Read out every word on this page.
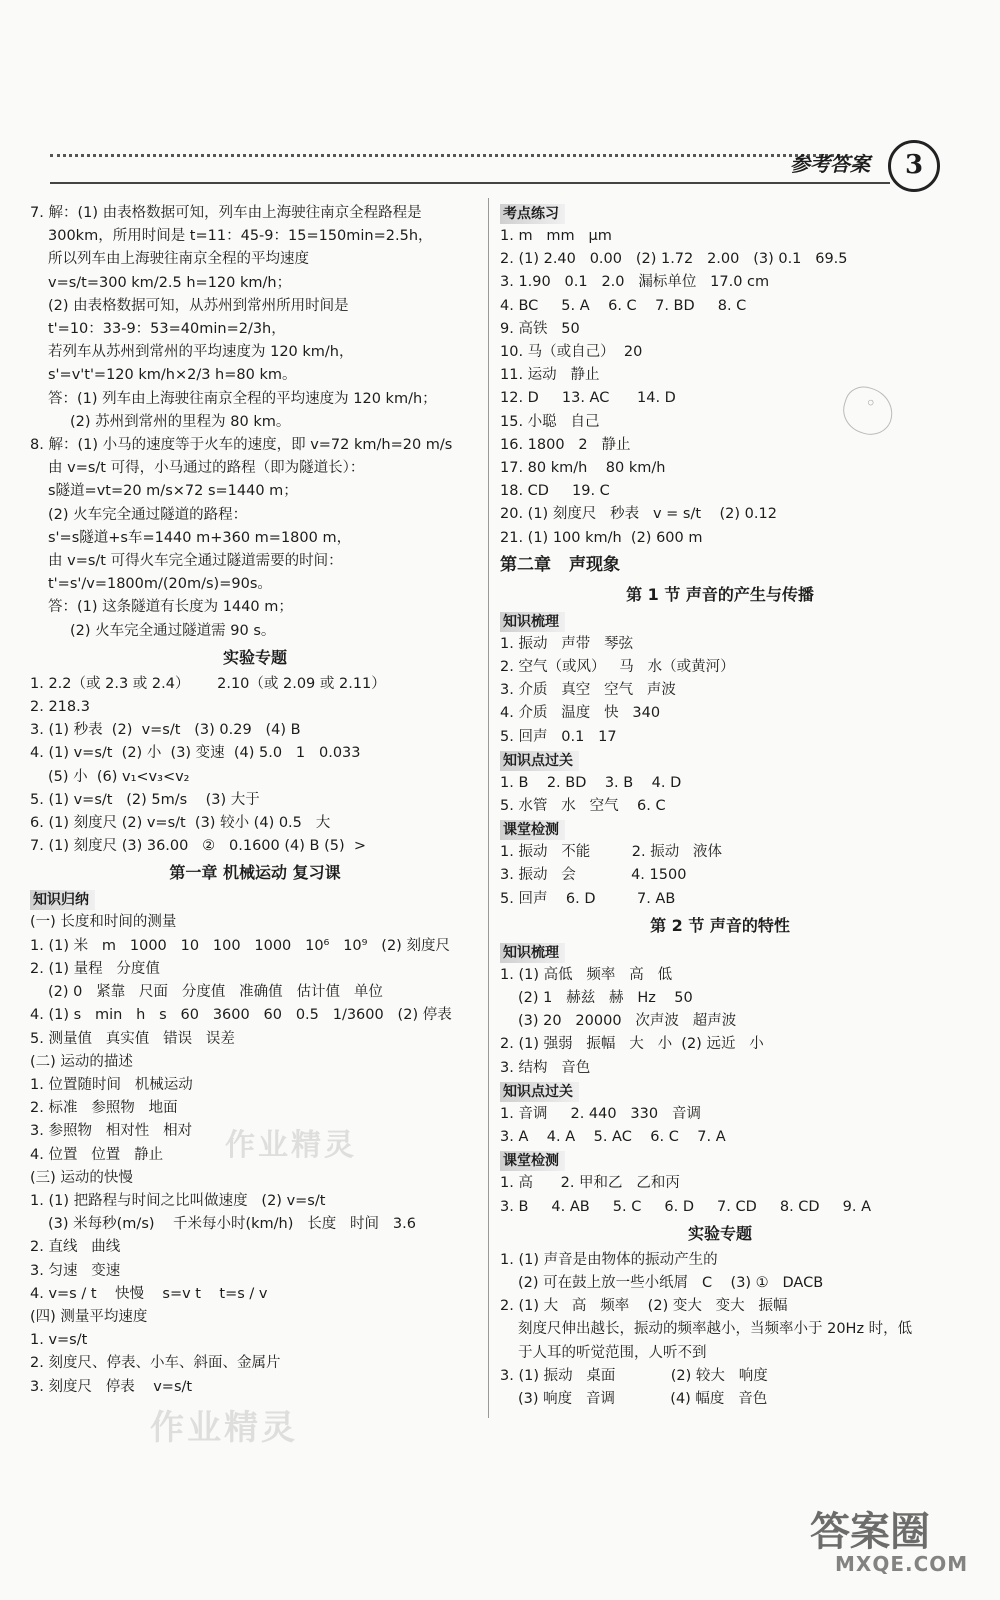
参考答案	3
7. 解：(1) 由表格数据可知，列车由上海驶往南京全程路程是
300km，所用时间是 t=11：45-9：15=150min=2.5h，
所以列车由上海驶往南京全程的平均速度
v=s/t=300 km/2.5 h=120 km/h；
(2) 由表格数据可知，从苏州到常州所用时间是
t'=10：33-9：53=40min=2/3h，
若列车从苏州到常州的平均速度为 120 km/h，
s'=v't'=120 km/h×2/3 h=80 km。
答：(1) 列车由上海驶往南京全程的平均速度为 120 km/h；
(2) 苏州到常州的里程为 80 km。
8. 解：(1) 小马的速度等于火车的速度，即 v=72 km/h=20 m/s
由 v=s/t 可得，小马通过的路程（即为隧道长）：
s隧道=vt=20 m/s×72 s=1440 m；
(2) 火车完全通过隧道的路程：
s'=s隧道+s车=1440 m+360 m=1800 m，
由 v=s/t 可得火车完全通过隧道需要的时间：
t'=s'/v=1800m/(20m/s)=90s。
答：(1) 这条隧道有长度为 1440 m；
(2) 火车完全通过隧道需 90 s。
实验专题
1. 2.2（或 2.3 或 2.4）      2.10（或 2.09 或 2.11）
2. 218.3
3. (1) 秒表  (2)  v=s/t   (3) 0.29   (4) B
4. (1) v=s/t  (2) 小  (3) 变速  (4) 5.0   1   0.033
(5) 小  (6) v₁<v₃<v₂
5. (1) v=s/t   (2) 5m/s    (3) 大于
6. (1) 刻度尺 (2) v=s/t  (3) 较小 (4) 0.5   大
7. (1) 刻度尺 (3) 36.00   ②   0.1600 (4) B (5)  >
第一章 机械运动 复习课
知识归纳
(一) 长度和时间的测量
1. (1) 米   m   1000   10   100   1000   10⁶   10⁹   (2) 刻度尺
2. (1) 量程   分度值
(2) 0   紧靠   尺面   分度值   准确值   估计值   单位
4. (1) s   min   h   s   60   3600   60   0.5   1/3600   (2) 停表
5. 测量值   真实值   错误   误差
(二) 运动的描述
1. 位置随时间   机械运动
2. 标准   参照物   地面
3. 参照物   相对性   相对
4. 位置   位置   静止
(三) 运动的快慢
1. (1) 把路程与时间之比叫做速度   (2) v=s/t
(3) 米每秒(m/s)    千米每小时(km/h)   长度   时间   3.6
2. 直线   曲线
3. 匀速   变速
4. v=s / t    快慢    s=v t    t=s / v
(四) 测量平均速度
1. v=s/t
2. 刻度尺、停表、小车、斜面、金属片
3. 刻度尺   停表    v=s/t
考点练习
1. m   mm   μm
2. (1) 2.40   0.00   (2) 1.72   2.00   (3) 0.1   69.5
3. 1.90   0.1   2.0   漏标单位   17.0 cm
4. BC     5. A    6. C    7. BD     8. C
9. 高铁   50
10. 马（或自己）  20
11. 运动   静止
12. D     13. AC      14. D
15. 小聪   自己
16. 1800   2   静止
17. 80 km/h    80 km/h
18. CD     19. C
20. (1) 刻度尺   秒表   v = s/t    (2) 0.12
21. (1) 100 km/h  (2) 600 m
第二章 声现象
第 1 节 声音的产生与传播
知识梳理
1. 振动   声带   琴弦
2. 空气（或风）   马   水（或黄河）
3. 介质   真空   空气   声波
4. 介质   温度   快   340
5. 回声   0.1   17
知识点过关
1. B    2. BD    3. B    4. D
5. 水管   水   空气    6. C
课堂检测
1. 振动   不能         2. 振动   液体
3. 振动   会            4. 1500
5. 回声    6. D         7. AB
第 2 节 声音的特性
知识梳理
1. (1) 高低   频率   高   低
(2) 1   赫兹   赫   Hz    50
(3) 20   20000   次声波   超声波
2. (1) 强弱   振幅   大   小  (2) 远近   小
3. 结构   音色
知识点过关
1. 音调     2. 440   330   音调
3. A    4. A    5. AC    6. C    7. A
课堂检测
1. 高      2. 甲和乙   乙和丙
3. B     4. AB     5. C     6. D     7. CD     8. CD     9. A
实验专题
1. (1) 声音是由物体的振动产生的
(2) 可在鼓上放一些小纸屑   C    (3) ①   DACB
2. (1) 大   高   频率    (2) 变大   变大   振幅
刻度尺伸出越长，振动的频率越小，当频率小于 20Hz 时，低
于人耳的听觉范围，人听不到
3. (1) 振动   桌面            (2) 较大   响度
(3) 响度   音调            (4) 幅度   音色
○
作业精灵
作业精灵
答案圈
MXQE.COM
